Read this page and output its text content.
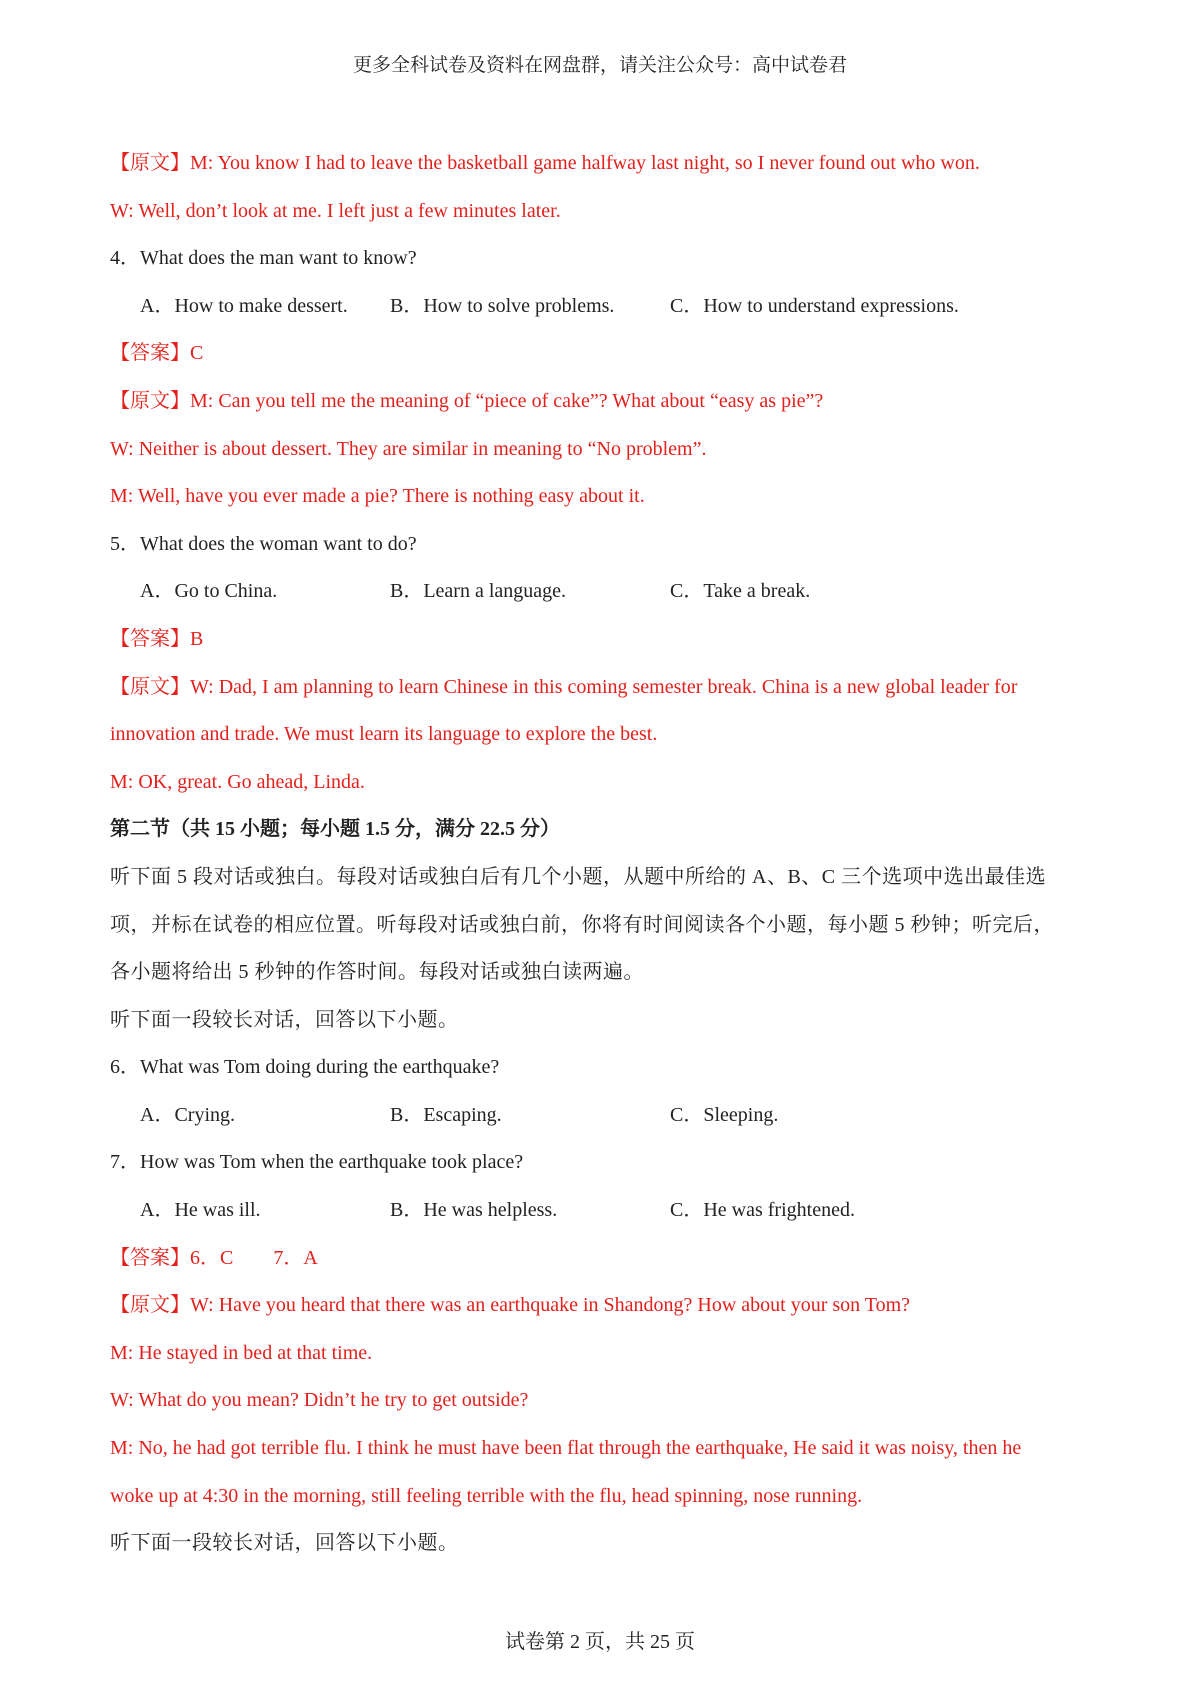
更多全科试卷及资料在网盘群，请关注公众号：高中试卷君
【原文】M: You know I had to leave the basketball game halfway last night, so I never found out who won.
W: Well, don’t look at me. I left just a few minutes later.
4．What does the man want to know?
A．How to make dessert.	B．How to solve problems.	C．How to understand expressions.
【答案】C
【原文】M: Can you tell me the meaning of “piece of cake”? What about “easy as pie”?
W: Neither is about dessert. They are similar in meaning to “No problem”.
M: Well, have you ever made a pie? There is nothing easy about it.
5．What does the woman want to do?
A．Go to China.	B．Learn a language.	C．Take a break.
【答案】B
【原文】W: Dad, I am planning to learn Chinese in this coming semester break. China is a new global leader for
innovation and trade. We must learn its language to explore the best.
M: OK, great. Go ahead, Linda.
第二节（共 15 小题；每小题 1.5 分，满分 22.5 分）
听下面 5 段对话或独白。每段对话或独白后有几个小题，从题中所给的 A、B、C 三个选项中选出最佳选
项，并标在试卷的相应位置。听每段对话或独白前，你将有时间阅读各个小题，每小题 5 秒钟；听完后，
各小题将给出 5 秒钟的作答时间。每段对话或独白读两遍。
听下面一段较长对话，回答以下小题。
6．What was Tom doing during the earthquake?
A．Crying.	B．Escaping.	C．Sleeping.
7．How was Tom when the earthquake took place?
A．He was ill.	B．He was helpless.	C．He was frightened.
【答案】6．C　　7．A
【原文】W: Have you heard that there was an earthquake in Shandong? How about your son Tom?
M: He stayed in bed at that time.
W: What do you mean? Didn’t he try to get outside?
M: No, he had got terrible flu. I think he must have been flat through the earthquake, He said it was noisy, then he
woke up at 4:30 in the morning, still feeling terrible with the flu, head spinning, nose running.
听下面一段较长对话，回答以下小题。
试卷第 2 页，共 25 页
